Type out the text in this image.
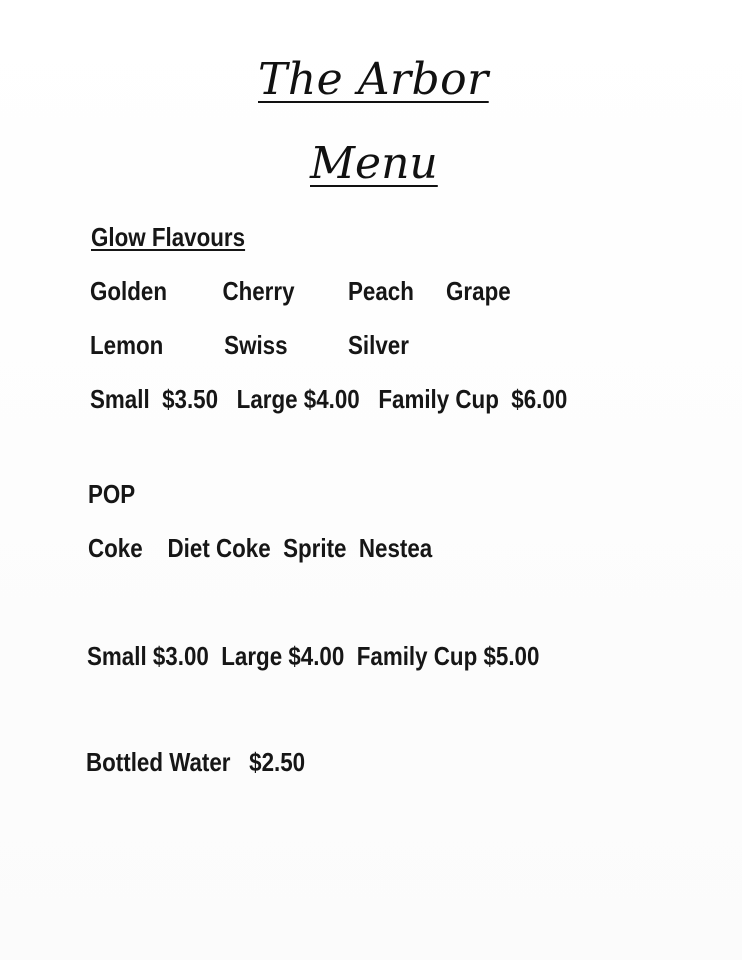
The Arbor
Menu
Glow Flavours
Golden Cherry Peach Grape
Lemon Swiss Silver
Small  $3.50   Large $4.00   Family Cup  $6.00
POP
Coke    Diet Coke  Sprite  Nestea
Small $3.00  Large $4.00  Family Cup $5.00
Bottled Water   $2.50
